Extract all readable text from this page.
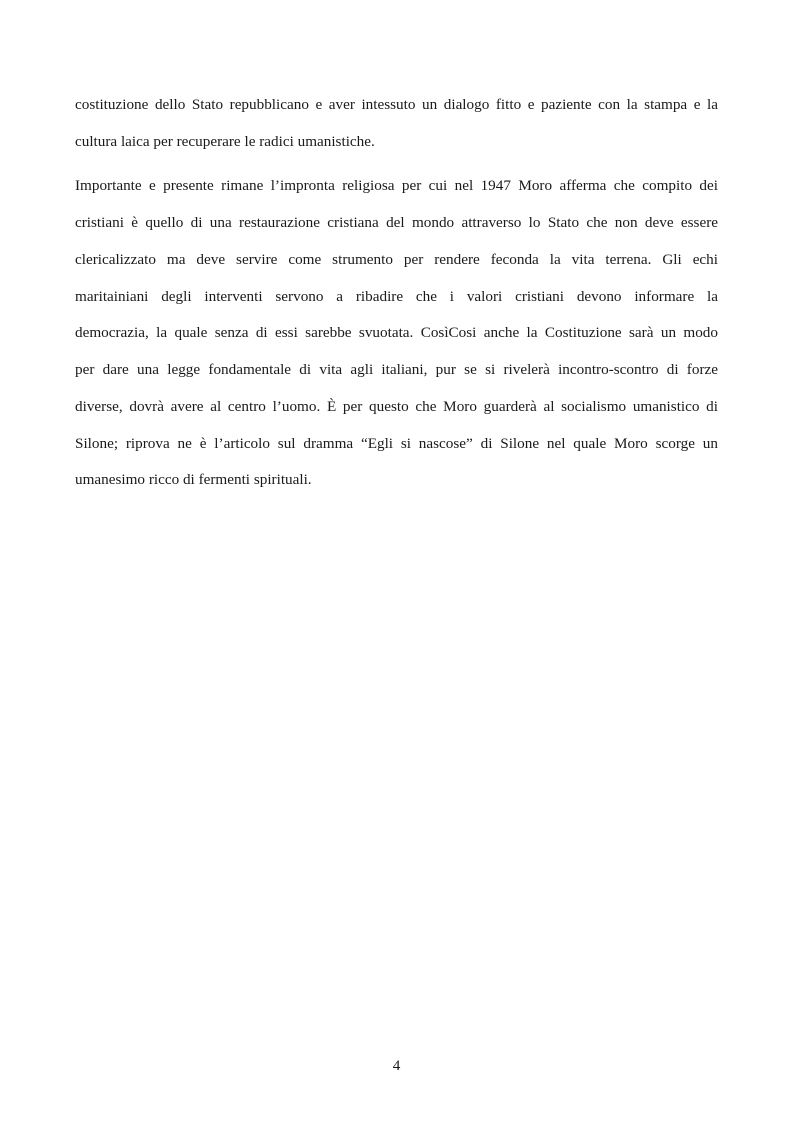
costituzione dello Stato repubblicano e aver intessuto un dialogo fitto e paziente con la stampa e la
cultura laica per recuperare le radici umanistiche.
Importante e presente rimane l’impronta religiosa per cui nel 1947 Moro afferma che compito dei
cristiani è quello di una restaurazione cristiana del mondo attraverso lo Stato che non deve essere
clericalizzato ma deve servire come strumento per rendere feconda la vita terrena. Gli echi
maritainiani degli interventi servono a ribadire che i valori cristiani devono informare la
democrazia, la quale senza di essi sarebbe svuotata. CosìCosi anche la Costituzione sarà un modo
per dare una legge fondamentale di vita agli italiani, pur se si rivelerà incontro-scontro di forze
diverse, dovrà avere al centro l’uomo. È per questo che Moro guarderà al socialismo umanistico di
Silone; riprova ne è l’articolo sul dramma “Egli si nascose” di Silone nel quale Moro scorge un
umanesimo ricco di fermenti spirituali.
4
